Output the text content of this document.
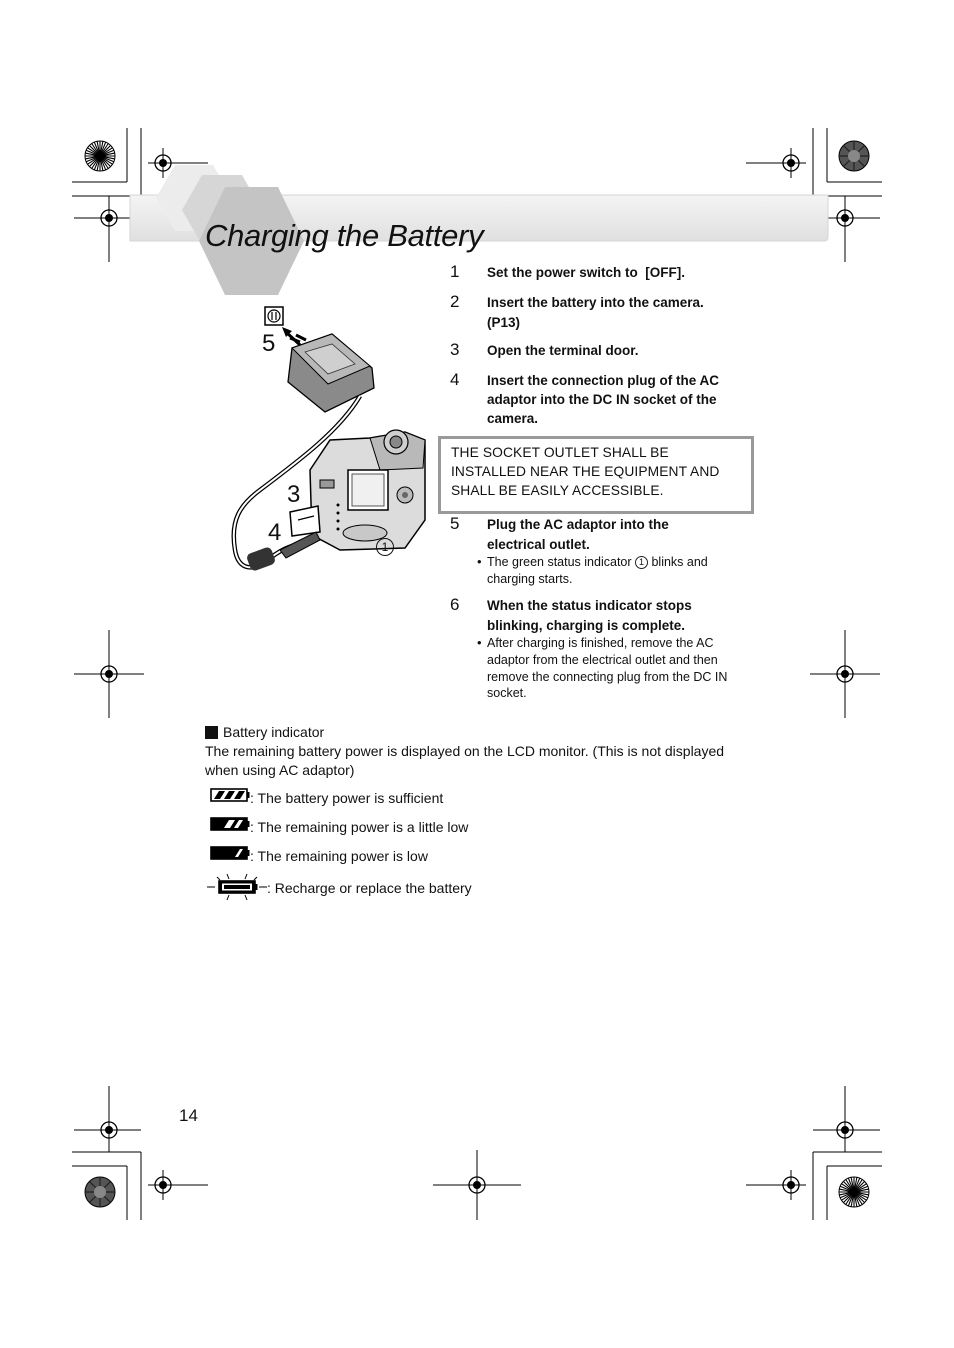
Charging the Battery
5
3
4
1
1	Set the power switch to  [OFF].
2	Insert the battery into the camera.
(P13)
3	Open the terminal door.
4	Insert the connection plug of the AC
adaptor into the DC IN socket of the
camera.
THE SOCKET OUTLET SHALL BE
INSTALLED NEAR THE EQUIPMENT AND
SHALL BE EASILY ACCESSIBLE.
5	Plug the AC adaptor into the
electrical outlet.
• The green status indicator 1 blinks and
charging starts.
6	When the status indicator stops
blinking, charging is complete.
• After charging is finished, remove the AC
adaptor from the electrical outlet and then
remove the connecting plug from the DC IN
socket.
Battery indicator
The remaining battery power is displayed on the LCD monitor. (This is not displayed
when using AC adaptor)
: The battery power is sufficient
: The remaining power is a little low
: The remaining power is low
: Recharge or replace the battery
14
